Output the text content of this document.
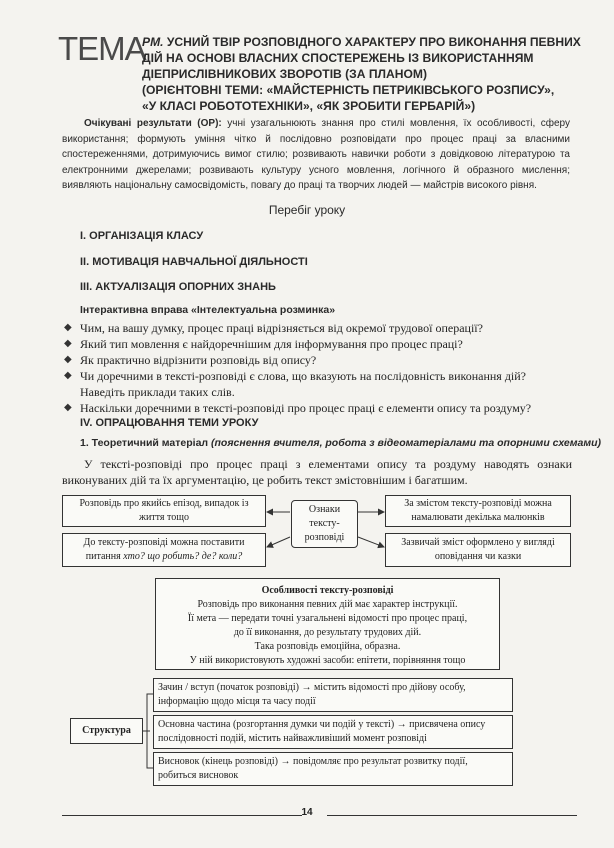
ТЕМА
РМ. УСНИЙ ТВІР РОЗПОВІДНОГО ХАРАКТЕРУ ПРО ВИКОНАННЯ ПЕВНИХ
ДІЙ НА ОСНОВІ ВЛАСНИХ СПОСТЕРЕЖЕНЬ ІЗ ВИКОРИСТАННЯМ
ДІЕПРИСЛІВНИКОВИХ ЗВОРОТІВ (ЗА ПЛАНОМ)
(ОРІЄНТОВНІ ТЕМИ: «МАЙСТЕРНІСТЬ ПЕТРИКІВСЬКОГО РОЗПИСУ»,
«У КЛАСІ РОБОТОТЕХНІКИ», «ЯК ЗРОБИТИ ГЕРБАРІЙ»)
Очікувані результати (ОР): учні узагальнюють знання про стилі мовлення, їх особливості, сферу використання; формують уміння чітко й послідовно розповідати про процес праці за власними спостереженнями, дотримуючись вимог стилю; розвивають навички роботи з довідковою літературою та електронними джерелами; розвивають культуру усного мовлення, логічного й образного мислення; виявляють національну самосвідомість, повагу до праці та творчих людей — майстрів високого рівня.
Перебіг уроку
І. ОРГАНІЗАЦІЯ КЛАСУ
ІІ. МОТИВАЦІЯ НАВЧАЛЬНОЇ ДІЯЛЬНОСТІ
ІІІ. АКТУАЛІЗАЦІЯ ОПОРНИХ ЗНАНЬ
Інтерактивна вправа «Інтелектуальна розминка»
◆ Чим, на вашу думку, процес праці відрізняється від окремої трудової операції?
◆ Який тип мовлення є найдоречнішим для інформування про процес праці?
◆ Як практично відрізнити розповідь від опису?
◆ Чи доречними в тексті-розповіді є слова, що вказують на послідовність виконання дій? Наведіть приклади таких слів.
◆ Наскільки доречними в тексті-розповіді про процес праці є елементи опису та роздуму?
IV. ОПРАЦЮВАННЯ ТЕМИ УРОКУ
1. Теоретичний матеріал (пояснення вчителя, робота з відеоматеріалами та опорними схемами)
У тексті-розповіді про процес праці з елементами опису та роздуму наводять ознаки виконуваних дій та їх аргументацію, це робить текст змістовнішим і багатшим.
Розповідь про якийсь епізод, випадок із життя тощо
До тексту-розповіді можна поставити питання хто? що робить? де? коли?
Ознаки тексту-розповіді
За змістом тексту-розповіді можна намалювати декілька малюнків
Зазвичай зміст оформлено у вигляді оповідання чи казки
Особливості тексту-розповіді
Розповідь про виконання певних дій має характер інструкції.
Її мета — передати точні узагальнені відомості про процес праці,
до її виконання, до результату трудових дій.
Така розповідь емоційна, образна.
У ній використовують художні засоби: епітети, порівняння тощо
Структура
Зачин / вступ (початок розповіді) → містить відомості про дійову особу, інформацію щодо місця та часу події
Основна частина (розгортання думки чи подій у тексті) → присвячена опису послідовності подій, містить найважливіший момент розповіді
Висновок (кінець розповіді) → повідомляє про результат розвитку події, робиться висновок
14
